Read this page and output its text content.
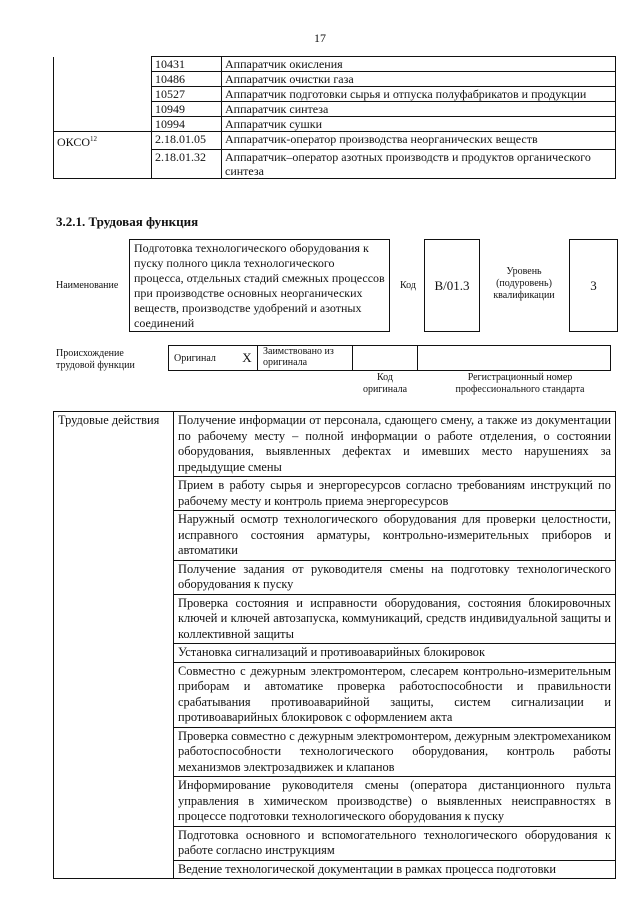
17
	10431	Аппаратчик окисления
	10486	Аппаратчик очистки газа
	10527	Аппаратчик подготовки сырья и отпуска полуфабрикатов и продукции
	10949	Аппаратчик синтеза
	10994	Аппаратчик сушки
ОКСО$^{12}$	2.18.01.05	Аппаратчик-оператор производства неорганических веществ
	2.18.01.32	Аппаратчик–оператор азотных производств и продуктов органического синтеза
3.2.1. Трудовая функция
Наименование
Подготовка технологического оборудования к пуску полного цикла технологического процесса, отдельных стадий смежных процессов при производстве основных неорганических веществ, производстве удобрений и азотных соединений
Код	B/01.3
Уровень (подуровень) квалификации
3
Происхождение трудовой функции
Оригинал	X	Заимствовано из оригинала		
Код оригинала
Регистрационный номер профессионального стандарта
Трудовые действия	Получение информации от персонала, сдающего смену, а также из документации по рабочему месту – полной информации о работе отделения, о состоянии оборудования, выявленных дефектах и имевших место нарушениях за предыдущие смены
Прием в работу сырья и энергоресурсов согласно требованиям инструкций по рабочему месту и контроль приема энергоресурсов
Наружный осмотр технологического оборудования для проверки целостности, исправного состояния арматуры, контрольно-измерительных приборов и автоматики
Получение задания от руководителя смены на подготовку технологического оборудования к пуску
Проверка состояния и исправности оборудования, состояния блокировочных ключей и ключей автозапуска, коммуникаций, средств индивидуальной защиты и коллективной защиты
Установка сигнализаций и противоаварийных блокировок
Совместно с дежурным электромонтером, слесарем контрольно-измерительным приборам и автоматике проверка работоспособности и правильности срабатывания противоаварийной защиты, систем сигнализации и противоаварийных блокировок с оформлением акта
Проверка совместно с дежурным электромонтером, дежурным электромехаником работоспособности технологического оборудования, контроль работы механизмов электрозадвижек и клапанов
Информирование руководителя смены (оператора дистанционного пульта управления в химическом производстве) о выявленных неисправностях в процессе подготовки технологического оборудования к пуску
Подготовка основного и вспомогательного технологического оборудования к работе согласно инструкциям
Ведение технологической документации в рамках процесса подготовки
